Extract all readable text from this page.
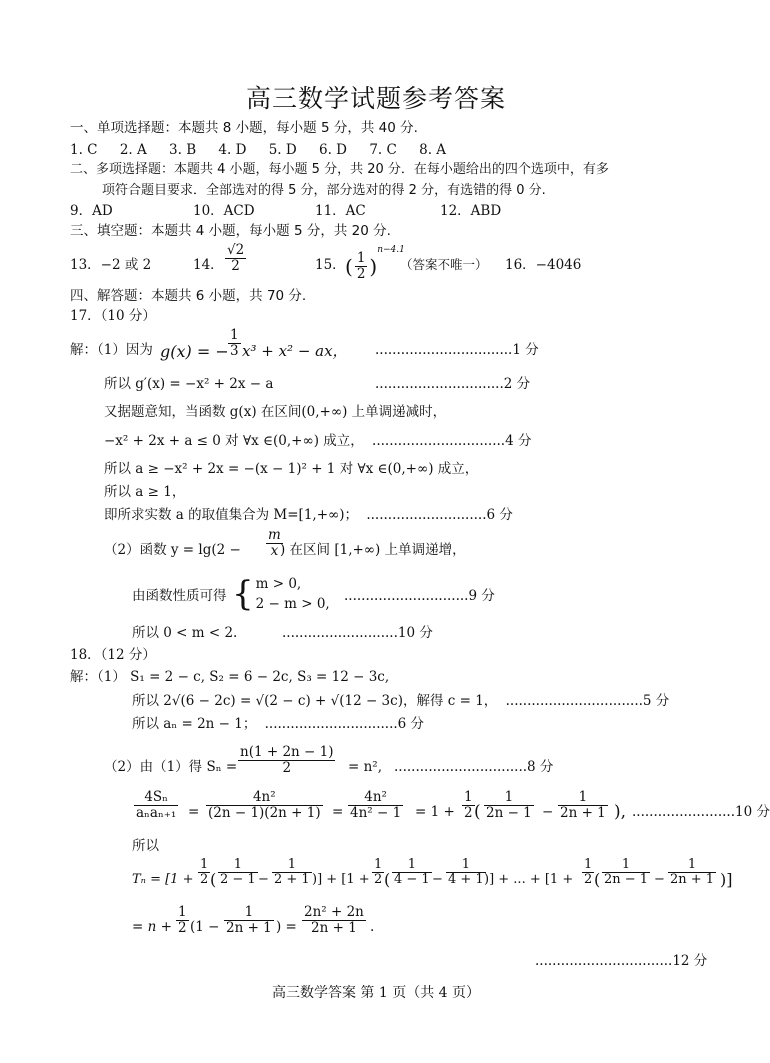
高三数学试题参考答案
一、单项选择题：本题共 8 小题，每小题 5 分，共 40 分.
1. C 2. A 3. B 4. D 5. D 6. D 7. C 8. A
二、多项选择题：本题共 4 小题，每小题 5 分，共 20 分．在每小题给出的四个选项中，有多
项符合题目要求．全部选对的得 5 分，部分选对的得 2 分，有选错的得 0 分.
9．AD	10．ACD	11．AC	12．ABD
三、填空题：本题共 4 小题，每小题 5 分，共 20 分.
13．−2 或 2	14． $\frac{√2}{2}$	15． ( $\frac{1}{2} )^{n-4.1}$
（答案不唯一） 16．−4046
四、解答题：本题共 6 小题，共 70 分.
17．（10 分）
解：（1）因为 g(x) = − $\frac{1}{3} x^3 + x^2$ − ax， ................................1 分
所以 g′(x) = −x² + 2x − a	..............................2 分
又据题意知，当函数 g(x) 在区间(0,+∞) 上单调递减时，
−x² + 2x + a ≤ 0 对 ∀x ∈(0,+∞) 成立， ...............................4 分
所以 a ≥ −x² + 2x = −(x − 1)² + 1 对 ∀x ∈(0,+∞) 成立，
所以 a ≥ 1，
即所求实数 a 的取值集合为 M=[1,+∞)； ............................6 分
（2）函数 $y = \lg(2 - \frac{m}{x}$
) 在区间 [1,+∞) 上单调递增，
由函数性质可得 { m > 0,
2 − m > 0,
.............................9 分
所以 0 < m < 2.	...........................10 分
18．（12 分）
解：（1） S₁ = 2 − c, S₂ = 6 − 2c, S₃ = 12 − 3c,
所以 2√(6 − 2c) = √(2 − c) + √(12 − 3c)，解得 c = 1， ................................5 分
所以 aₙ = 2n − 1； ...............................6 分
（2）由（1）得 $S_n = \frac{n(1 + 2n - 1)}{2} = n^2$, ...............................8 分
4Sₙ
$a_na_{n+1} = \frac{\text{4n²}}{(2n - 1)(2n + 1)} = \frac{\text{4n²}}{\text{4n² − 1}} = 1 + \frac{1}{2}$ ( $\frac{1}{2n - 1} - \frac{1}{2n + 1}$ ), ........................10 分
所以
$T_n = [1 + \frac{1}{2}$ ( $\frac{1}{2 - 1} - \frac{1}{2 + 1}$ )] + [$1 + \frac{1}{2}$ ( $\frac{1}{4 - 1} - \frac{1}{4 + 1}$
)] + ... + [$1 + \frac{1}{2}$ ( $\frac{1}{2n - 1} - \frac{1}{2n + 1}$ )]
= $n + \frac{1}{2} (1 - \frac{1}{2n + 1}$ ) = $\frac{\text{2n² + 2n}}{2n + 1}$ .
................................12 分
高三数学答案 第 1 页（共 4 页）
